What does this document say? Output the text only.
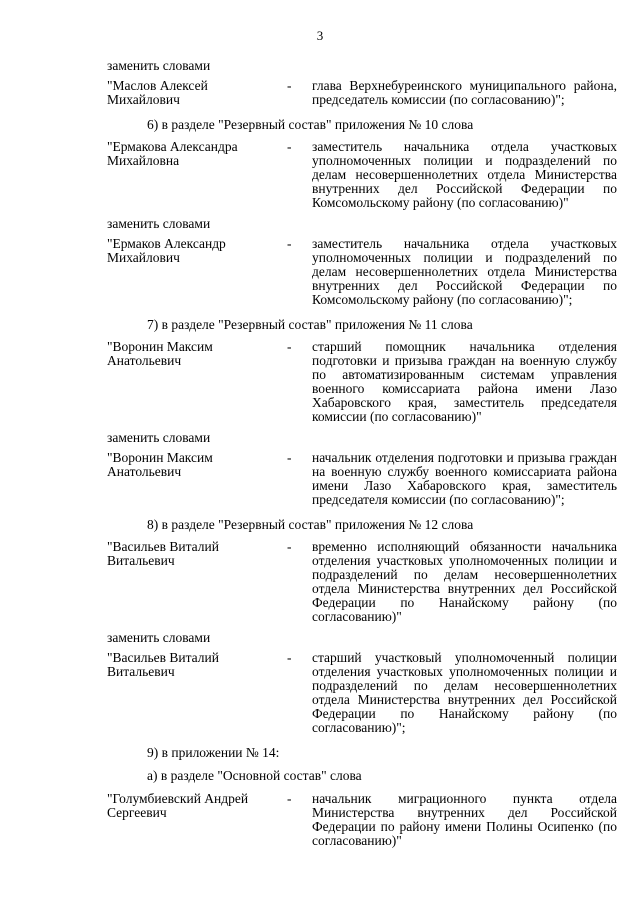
3
заменить словами
"Маслов Алексей
Михайлович
-	глава Верхнебуреинского муниципального района, председатель комиссии (по согласованию)";
6) в разделе "Резервный состав" приложения № 10 слова
"Ермакова Александра
Михайловна
-	заместитель начальника отдела участковых уполномоченных полиции и подразделений по делам несовершеннолетних отдела Министерства внутренних дел Российской Федерации по Комсомольскому району (по согласованию)"
заменить словами
"Ермаков Александр
Михайлович
-	заместитель начальника отдела участковых уполномоченных полиции и подразделений по делам несовершеннолетних отдела Министерства внутренних дел Российской Федерации по Комсомольскому району (по согласованию)";
7) в разделе "Резервный состав" приложения № 11 слова
"Воронин Максим
Анатольевич
-	старший помощник начальника отделения подготовки и призыва граждан на военную службу по автоматизированным системам управления военного комиссариата района имени Лазо Хабаровского края, заместитель председателя комиссии (по согласованию)"
заменить словами
"Воронин Максим
Анатольевич
-	начальник отделения подготовки и призыва граждан на военную службу военного комиссариата района имени Лазо Хабаровского края, заместитель председателя комиссии (по согласованию)";
8) в разделе "Резервный состав" приложения № 12 слова
"Васильев Виталий
Витальевич
-	временно исполняющий обязанности начальника отделения участковых уполномоченных полиции и подразделений по делам несовершеннолетних отдела Министерства внутренних дел Российской Федерации по Нанайскому району (по согласованию)"
заменить словами
"Васильев Виталий
Витальевич
-	старший участковый уполномоченный полиции отделения участковых уполномоченных полиции и подразделений по делам несовершеннолетних отдела Министерства внутренних дел Российской Федерации по Нанайскому району (по согласованию)";
9) в приложении № 14:
а) в разделе "Основной состав" слова
"Голумбиевский Андрей
Сергеевич
-	начальник миграционного пункта отдела Министерства внутренних дел Российской Федерации по району имени Полины Осипенко (по согласованию)"
